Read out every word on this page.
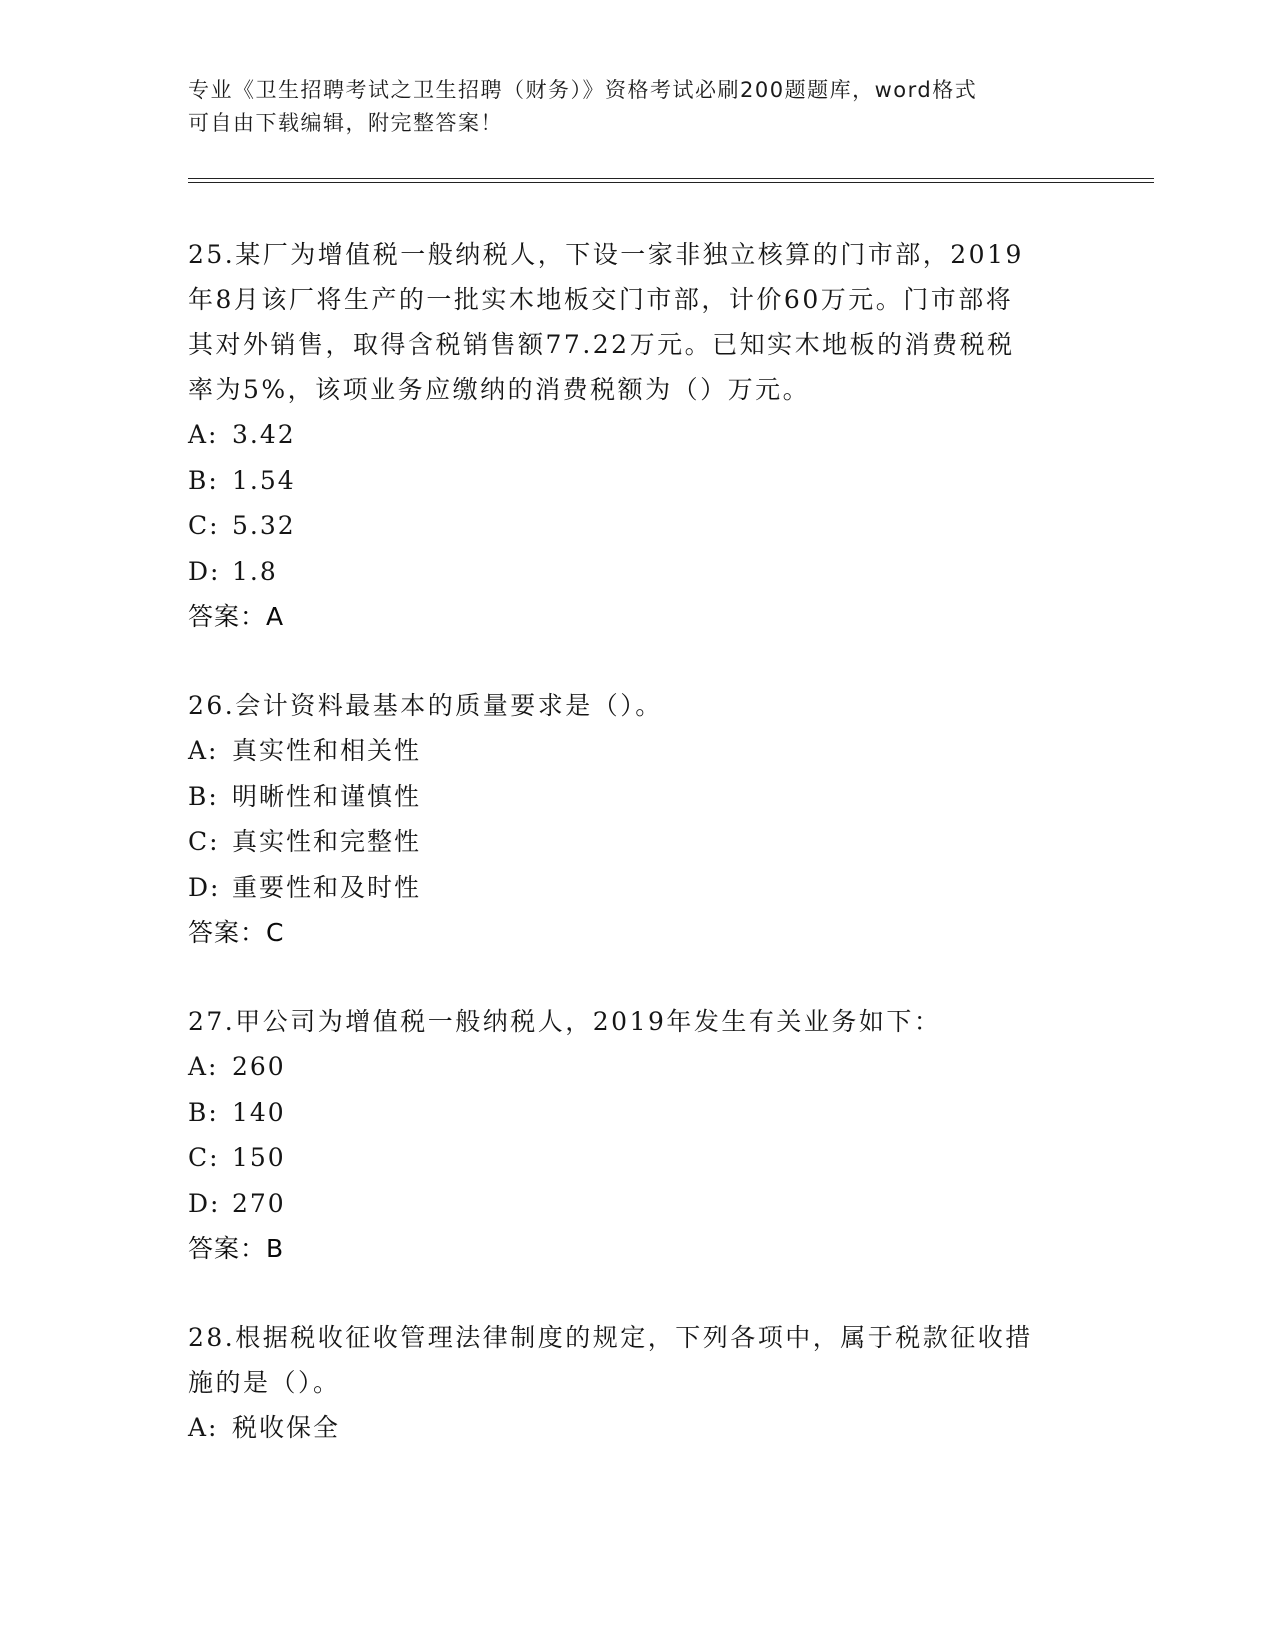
专业《卫生招聘考试之卫生招聘（财务）》资格考试必刷200题题库，word格式
可自由下载编辑，附完整答案！
25.某厂为增值税一般纳税人，下设一家非独立核算的门市部，2019
年8月该厂将生产的一批实木地板交门市部，计价60万元。门市部将
其对外销售，取得含税销售额77.22万元。已知实木地板的消费税税
率为5%，该项业务应缴纳的消费税额为（）万元。
A: 3.42
B: 1.54
C: 5.32
D: 1.8
答案：A
26.会计资料最基本的质量要求是（）。
A: 真实性和相关性
B: 明晰性和谨慎性
C: 真实性和完整性
D: 重要性和及时性
答案：C
27.甲公司为增值税一般纳税人，2019年发生有关业务如下：
A: 260
B: 140
C: 150
D: 270
答案：B
28.根据税收征收管理法律制度的规定，下列各项中，属于税款征收措
施的是（）。
A: 税收保全
